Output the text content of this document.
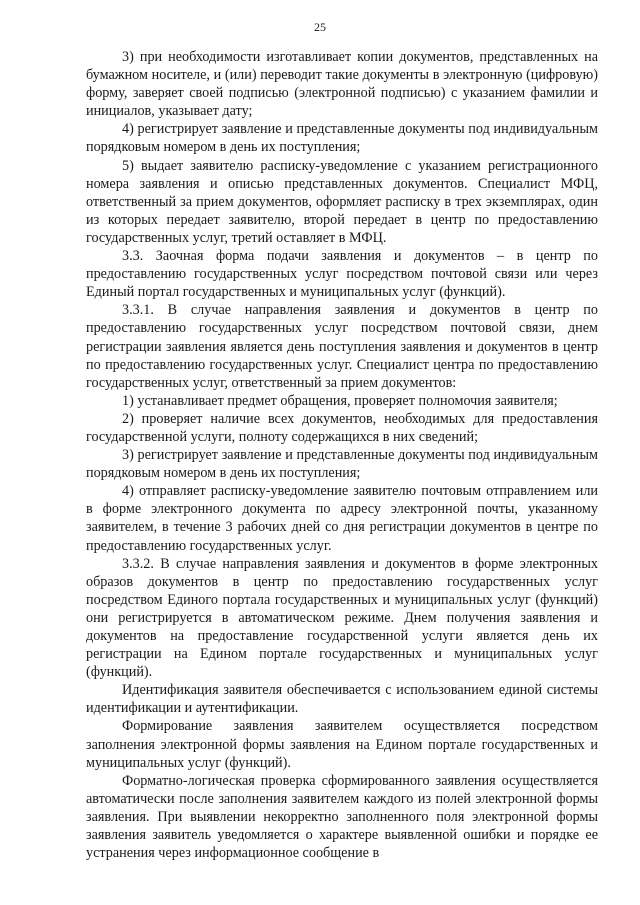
25

3) при необходимости изготавливает копии документов, представленных на бумажном носителе, и (или) переводит такие документы в электронную (цифровую) форму, заверяет своей подписью (электронной подписью) с указанием фамилии и инициалов, указывает дату;

4) регистрирует заявление и представленные документы под индивидуальным порядковым номером в день их поступления;

5) выдает заявителю расписку-уведомление с указанием регистрационного номера заявления и описью представленных документов. Специалист МФЦ, ответственный за прием документов, оформляет расписку в трех экземплярах, один из которых передает заявителю, второй передает в центр по предоставлению государственных услуг, третий оставляет в МФЦ.

3.3. Заочная форма подачи заявления и документов – в центр по предоставлению государственных услуг посредством почтовой связи или через Единый портал государственных и муниципальных услуг (функций).

3.3.1. В случае направления заявления и документов в центр по предоставлению государственных услуг посредством почтовой связи, днем регистрации заявления является день поступления заявления и документов в центр по предоставлению государственных услуг. Специалист центра по предоставлению государственных услуг, ответственный за прием документов:

1) устанавливает предмет обращения, проверяет полномочия заявителя;

2) проверяет наличие всех документов, необходимых для предоставления государственной услуги, полноту содержащихся в них сведений;

3) регистрирует заявление и представленные документы под индивидуальным порядковым номером в день их поступления;

4) отправляет расписку-уведомление заявителю почтовым отправлением или в форме электронного документа по адресу электронной почты, указанному заявителем, в течение 3 рабочих дней со дня регистрации документов в центре по предоставлению государственных услуг.

3.3.2. В случае направления заявления и документов в форме электронных образов документов в центр по предоставлению государственных услуг посредством Единого портала государственных и муниципальных услуг (функций) они регистрируется в автоматическом режиме. Днем получения заявления и документов на предоставление государственной услуги является день их регистрации на Едином портале государственных и муниципальных услуг (функций).

Идентификация заявителя обеспечивается с использованием единой системы идентификации и аутентификации.

Формирование заявления заявителем осуществляется посредством заполнения электронной формы заявления на Едином портале государственных и муниципальных услуг (функций).

Форматно-логическая проверка сформированного заявления осуществляется автоматически после заполнения заявителем каждого из полей электронной формы заявления. При выявлении некорректно заполненного поля электронной формы заявления заявитель уведомляется о характере выявленной ошибки и порядке ее устранения через информационное сообщение в
